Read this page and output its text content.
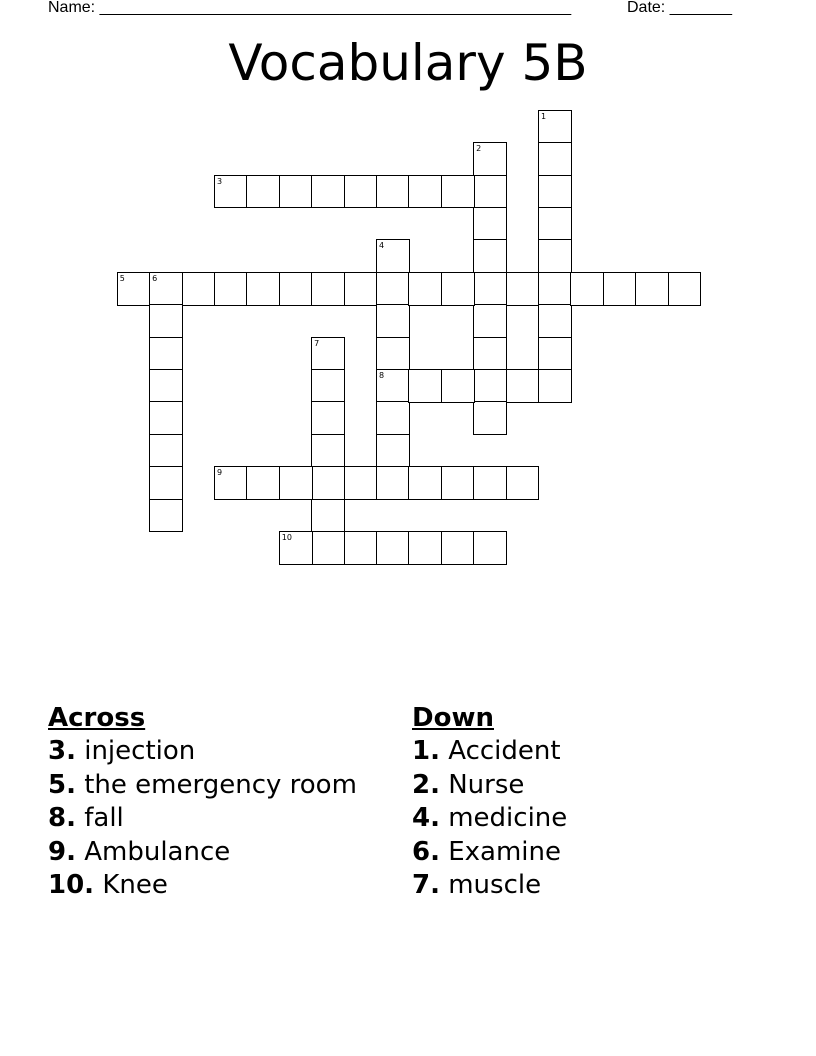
Name: _____________________________________________________	Date: _______
Vocabulary 5B
1
2
3
4
8
5	6
7
9
10
Across
3. injection
5. the emergency room
8. fall
9. Ambulance
10. Knee
Down
1. Accident
2. Nurse
4. medicine
6. Examine
7. muscle
